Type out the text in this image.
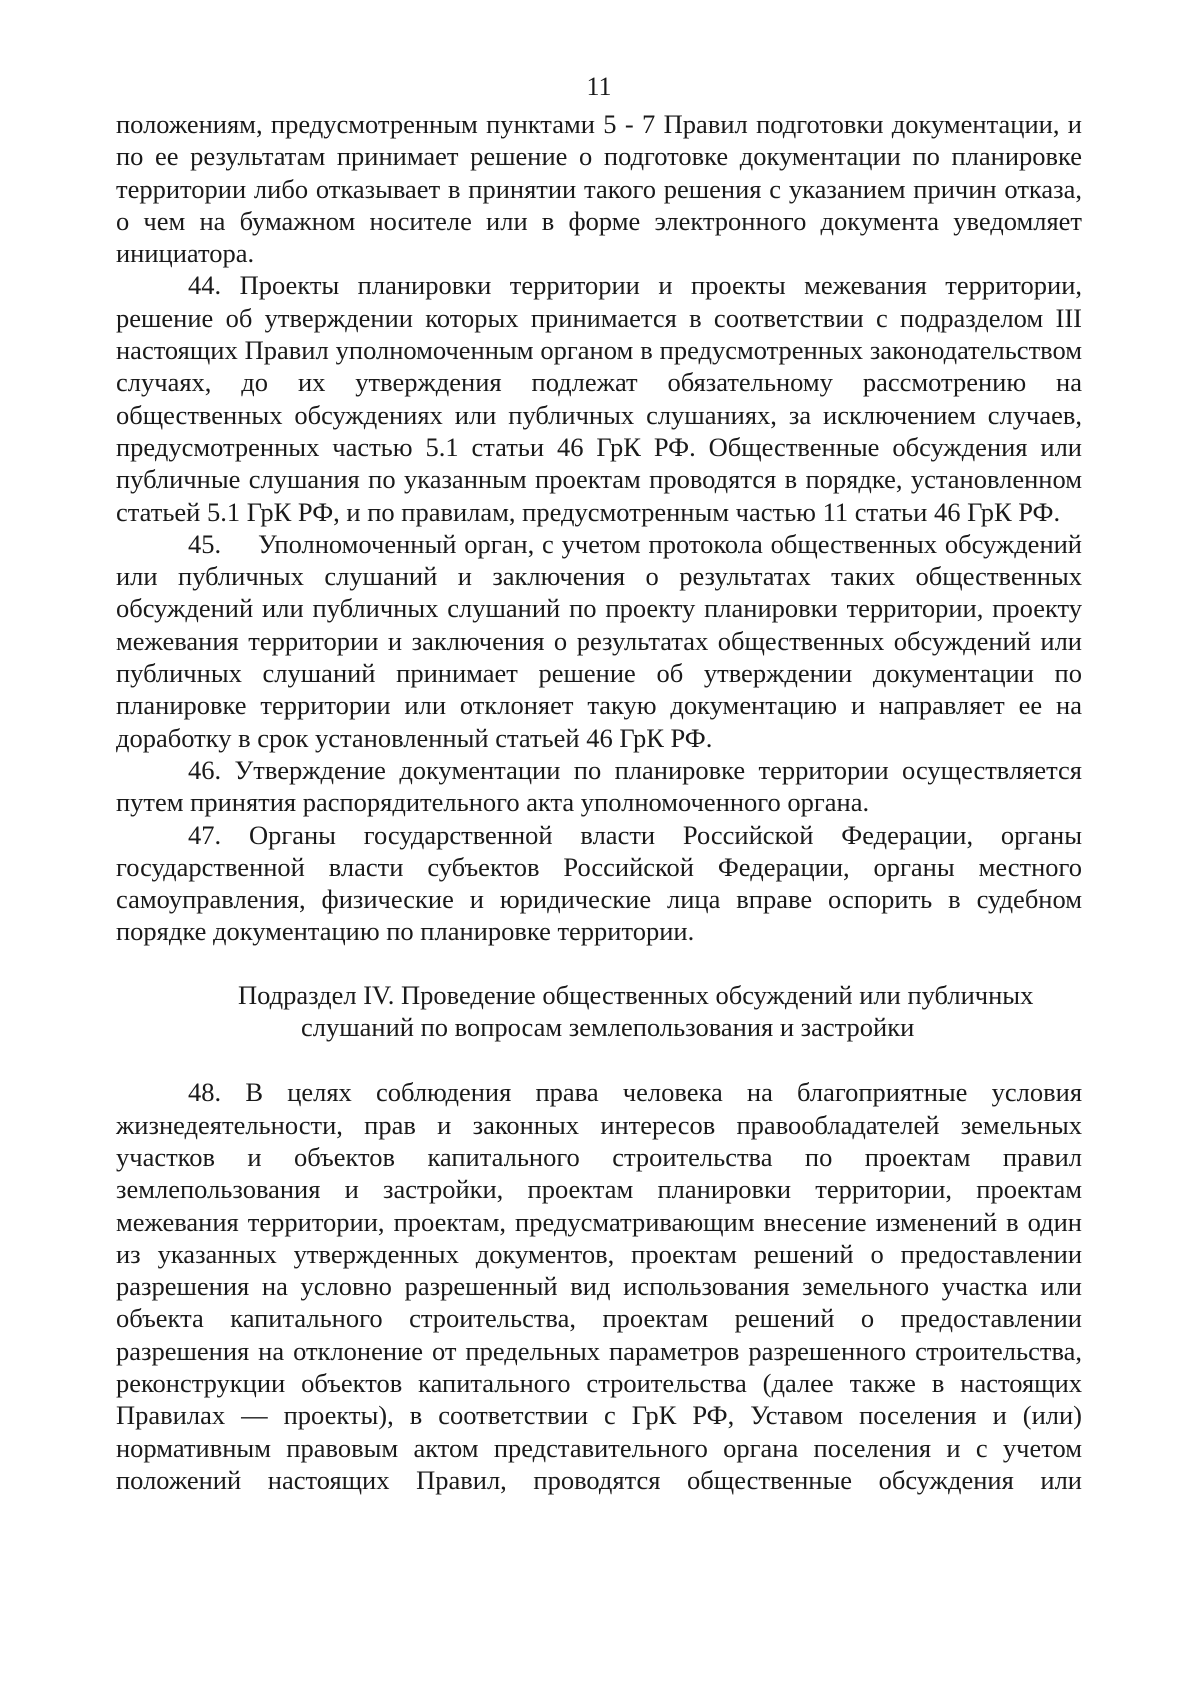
11

положениям, предусмотренным пунктами 5 - 7 Правил подготовки документации, и по ее результатам принимает решение о подготовке документации по планировке территории либо отказывает в принятии такого решения с указанием причин отказа, о чем на бумажном носителе или в форме электронного документа уведомляет инициатора.

44. Проекты планировки территории и проекты межевания территории, решение об утверждении которых принимается в соответствии с подразделом III настоящих Правил уполномоченным органом в предусмотренных законодательством случаях, до их утверждения подлежат обязательному рассмотрению на общественных обсуждениях или публичных слушаниях, за исключением случаев, предусмотренных частью 5.1 статьи 46 ГрК РФ. Общественные обсуждения или публичные слушания по указанным проектам проводятся в порядке, установленном статьей 5.1 ГрК РФ, и по правилам, предусмотренным частью 11 статьи 46 ГрК РФ.

45. Уполномоченный орган, с учетом протокола общественных обсуждений или публичных слушаний и заключения о результатах таких общественных обсуждений или публичных слушаний по проекту планировки территории, проекту межевания территории и заключения о результатах общественных обсуждений или публичных слушаний принимает решение об утверждении документации по планировке территории или отклоняет такую документацию и направляет ее на доработку в срок установленный статьей 46 ГрК РФ.

46. Утверждение документации по планировке территории осуществляется путем принятия распорядительного акта уполномоченного органа.

47. Органы государственной власти Российской Федерации, органы государственной власти субъектов Российской Федерации, органы местного самоуправления, физические и юридические лица вправе оспорить в судебном порядке документацию по планировке территории.

Подраздел IV. Проведение общественных обсуждений или публичных
слушаний по вопросам землепользования и застройки

48. В целях соблюдения права человека на благоприятные условия жизнедеятельности, прав и законных интересов правообладателей земельных участков и объектов капитального строительства по проектам правил землепользования и застройки, проектам планировки территории, проектам межевания территории, проектам, предусматривающим внесение изменений в один из указанных утвержденных документов, проектам решений о предоставлении разрешения на условно разрешенный вид использования земельного участка или объекта капитального строительства, проектам решений о предоставлении разрешения на отклонение от предельных параметров разрешенного строительства, реконструкции объектов капитального строительства (далее также в настоящих Правилах — проекты), в соответствии с ГрК РФ, Уставом поселения и (или) нормативным правовым актом представительного органа поселения и с учетом положений настоящих Правил, проводятся общественные обсуждения или
